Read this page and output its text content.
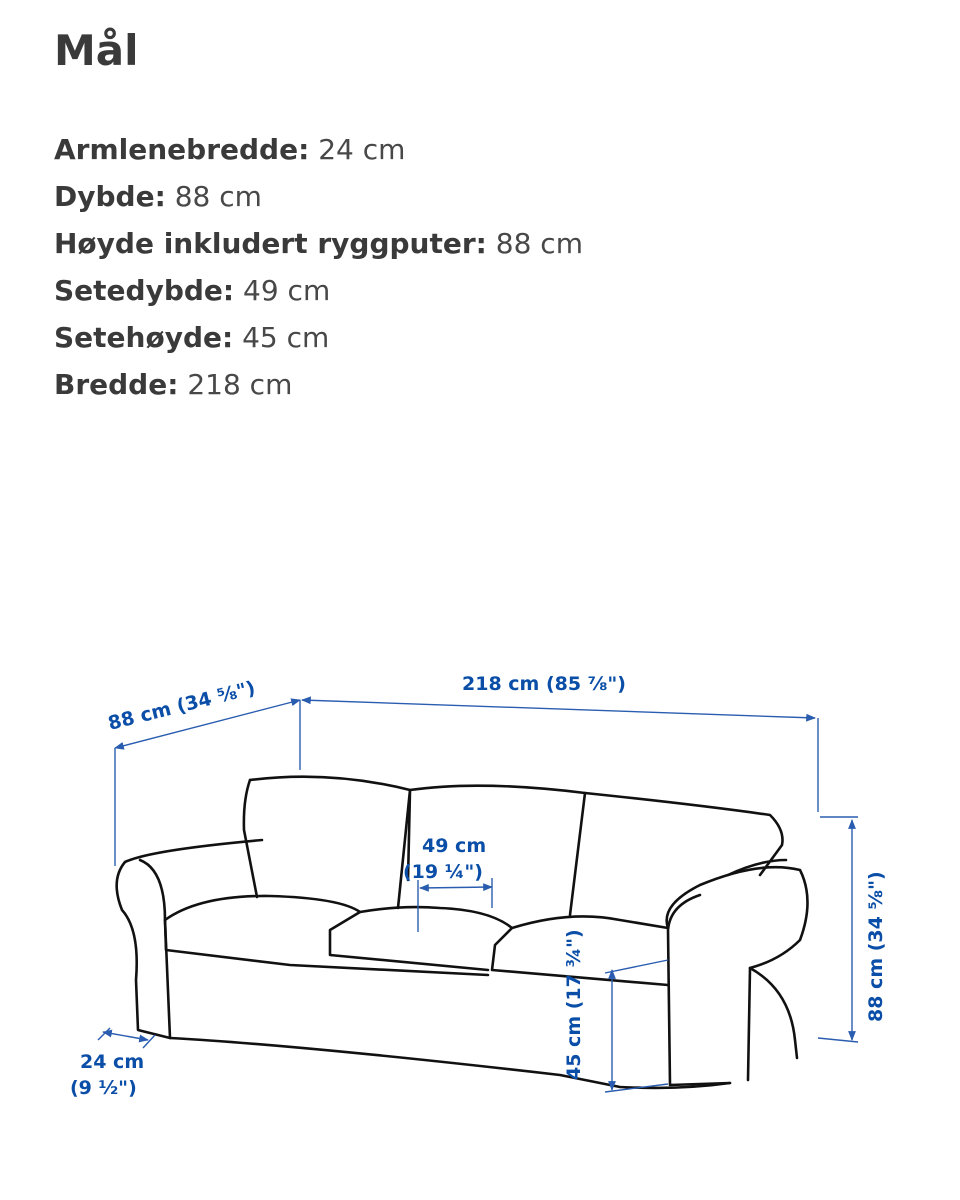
Mål
Armlenebredde: 24 cm
Dybde: 88 cm
Høyde inkludert ryggputer: 88 cm
Setedybde: 49 cm
Setehøyde: 45 cm
Bredde: 218 cm
88 cm (34 ⅝")	218 cm (85 ⅞")
49 cm
(19 ¼")
24 cm
(9 ½")
45 cm (17 ¾")	88 cm (34 ⅝")
